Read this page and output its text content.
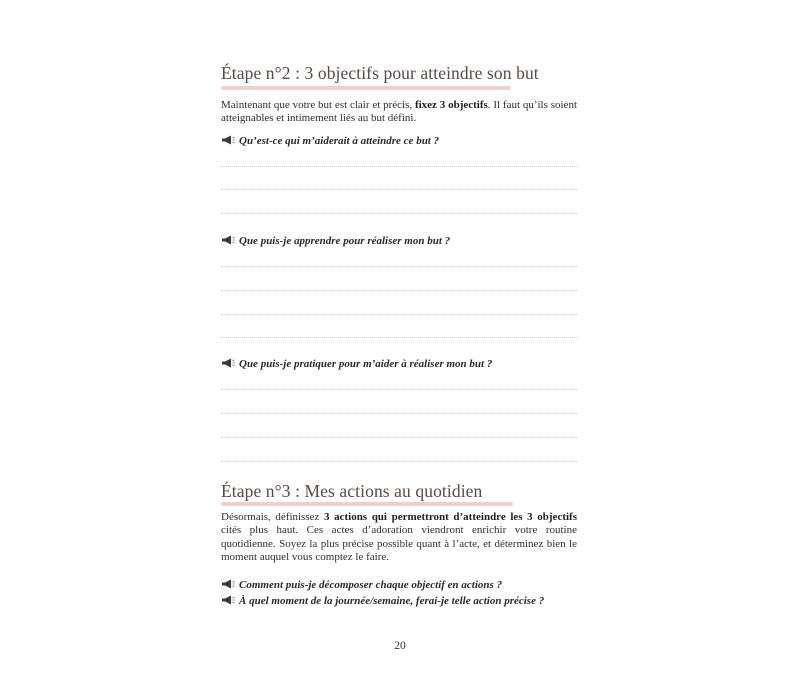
Étape n°2 : 3 objectifs pour atteindre son but
Maintenant que votre but est clair et précis, fixez 3 objectifs. Il faut qu’ils soient atteignables et intimement liés au but défini.
Qu’est-ce qui m’aiderait à atteindre ce but ?
Que puis-je apprendre pour réaliser mon but ?
Que puis-je pratiquer pour m’aider à réaliser mon but ?
Étape n°3 : Mes actions au quotidien
Désormais, définissez 3 actions qui permettront d’atteindre les 3 objectifs cités plus haut. Ces actes d’adoration viendront enrichir votre routine quotidienne. Soyez la plus précise possible quant à l’acte, et déterminez bien le moment auquel vous comptez le faire.
Comment puis-je décomposer chaque objectif en actions ?
À quel moment de la journée/semaine, ferai-je telle action précise ?
20
